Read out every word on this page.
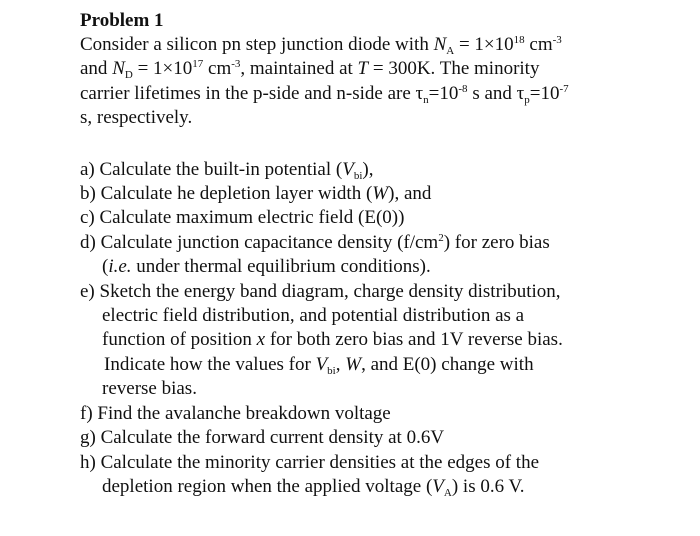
Problem 1

Consider a silicon pn step junction diode with $N_A = 1\times 10^{18}$ $cm^{-3}$
and $N_D = 1\times 10^{17}$ $cm^{-3}$, maintained at T = 300K. The minority
carrier lifetimes in the p-side and n-side are $\tau_n=10^{-8}$ s and $\tau_p=10^{-7}$
s, respectively.

a) Calculate the built-in potential $(V_{bi})$,

b) Calculate he depletion layer width (W), and

c) Calculate maximum electric field (E(0))

d) Calculate junction capacitance density $(f/cm^2)$ for zero bias

(i.e. under thermal equilibrium conditions).

e) Sketch the energy band diagram, charge density distribution,

electric field distribution, and potential distribution as a

function of position x for both zero bias and 1V reverse bias.

Indicate how the values for $V_{bi}$, W, and E(0) change with

reverse bias.

f) Find the avalanche breakdown voltage

g) Calculate the forward current density at 0.6V

h) Calculate the minority carrier densities at the edges of the

depletion region when the applied voltage $(V_A)$ is 0.6 V.
